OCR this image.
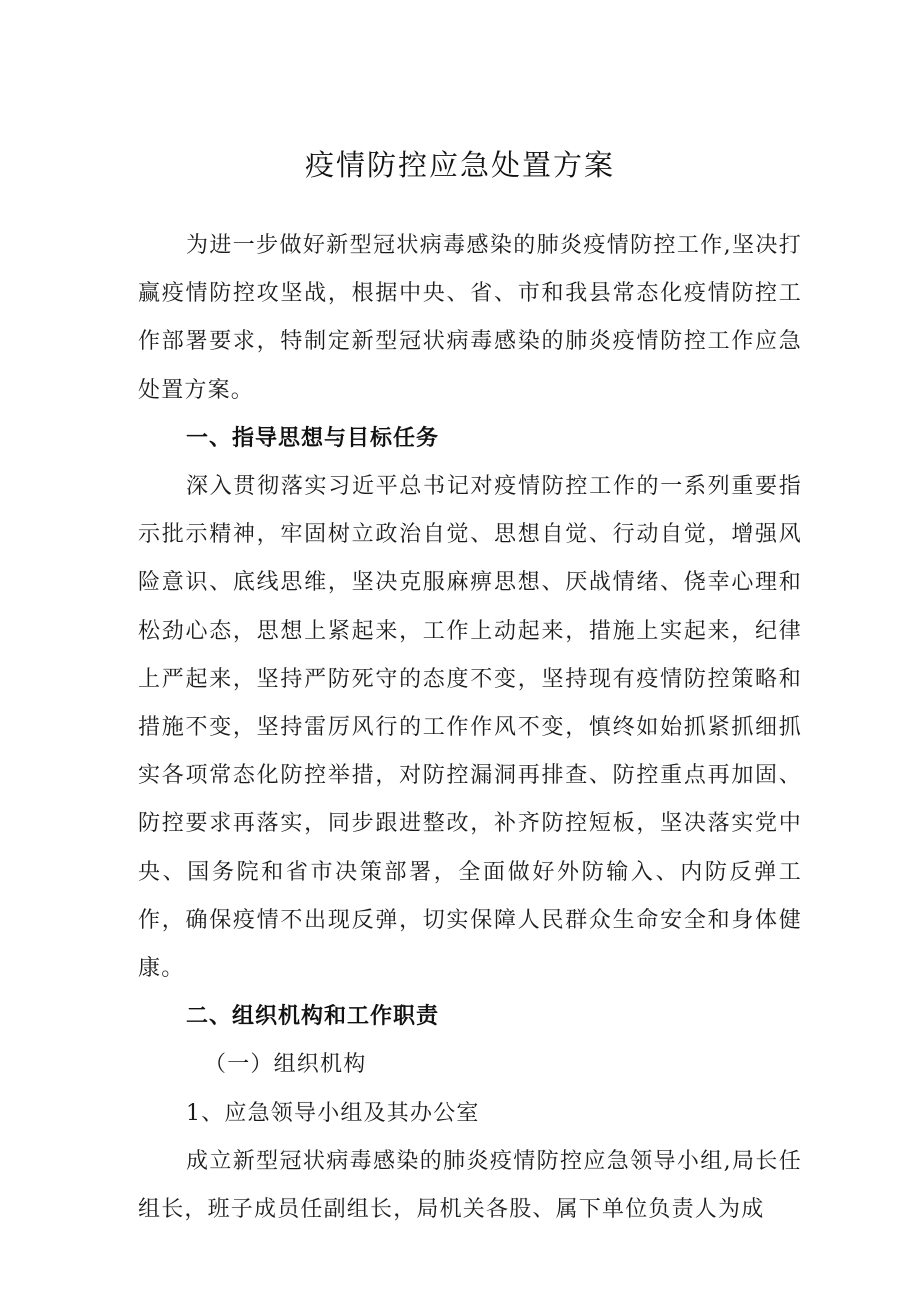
疫情防控应急处置方案

为进一步做好新型冠状病毒感染的肺炎疫情防控工作,坚决打赢疫情防控攻坚战，根据中央、省、市和我县常态化疫情防控工作部署要求，特制定新型冠状病毒感染的肺炎疫情防控工作应急处置方案。

一、指导思想与目标任务

深入贯彻落实习近平总书记对疫情防控工作的一系列重要指示批示精神，牢固树立政治自觉、思想自觉、行动自觉，增强风险意识、底线思维，坚决克服麻痹思想、厌战情绪、侥幸心理和松劲心态，思想上紧起来，工作上动起来，措施上实起来，纪律上严起来，坚持严防死守的态度不变，坚持现有疫情防控策略和措施不变，坚持雷厉风行的工作作风不变，慎终如始抓紧抓细抓实各项常态化防控举措，对防控漏洞再排查、防控重点再加固、防控要求再落实，同步跟进整改，补齐防控短板，坚决落实党中央、国务院和省市决策部署，全面做好外防输入、内防反弹工作，确保疫情不出现反弹，切实保障人民群众生命安全和身体健康。

二、组织机构和工作职责

（一）组织机构

1、应急领导小组及其办公室

成立新型冠状病毒感染的肺炎疫情防控应急领导小组,局长任组长，班子成员任副组长，局机关各股、属下单位负责人为成
